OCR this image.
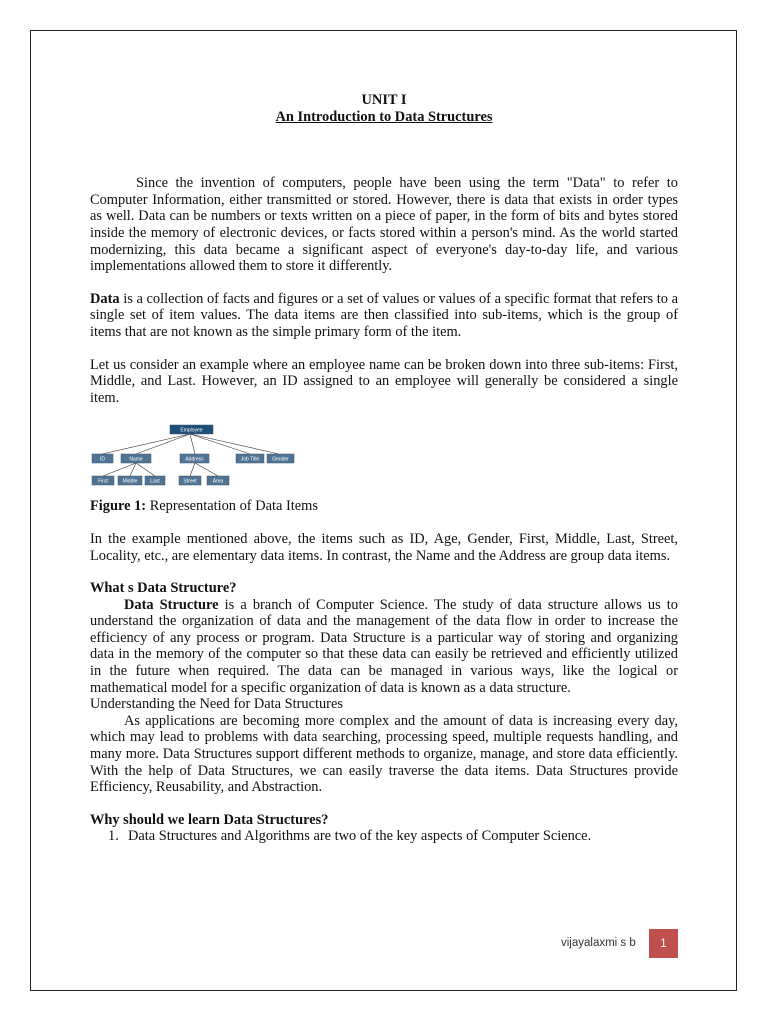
UNIT I
An Introduction to Data Structures

Since the invention of computers, people have been using the term "Data" to refer to Computer Information, either transmitted or stored. However, there is data that exists in order types as well. Data can be numbers or texts written on a piece of paper, in the form of bits and bytes stored inside the memory of electronic devices, or facts stored within a person's mind. As the world started modernizing, this data became a significant aspect of everyone's day-to-day life, and various implementations allowed them to store it differently.

Data is a collection of facts and figures or a set of values or values of a specific format that refers to a single set of item values. The data items are then classified into sub-items, which is the group of items that are not known as the simple primary form of the item.

Let us consider an example where an employee name can be broken down into three sub-items: First, Middle, and Last. However, an ID assigned to an employee will generally be considered a single item.

Employee
ID	Name	Address	Job Title	Gender
First	Middle	Last	Street	Area
Figure 1: Representation of Data Items

In the example mentioned above, the items such as ID, Age, Gender, First, Middle, Last, Street, Locality, etc., are elementary data items. In contrast, the Name and the Address are group data items.

What s Data Structure?

Data Structure is a branch of Computer Science. The study of data structure allows us to understand the organization of data and the management of the data flow in order to increase the efficiency of any process or program. Data Structure is a particular way of storing and organizing data in the memory of the computer so that these data can easily be retrieved and efficiently utilized in the future when required. The data can be managed in various ways, like the logical or mathematical model for a specific organization of data is known as a data structure.

Understanding the Need for Data Structures

As applications are becoming more complex and the amount of data is increasing every day, which may lead to problems with data searching, processing speed, multiple requests handling, and many more. Data Structures support different methods to organize, manage, and store data efficiently. With the help of Data Structures, we can easily traverse the data items. Data Structures provide Efficiency, Reusability, and Abstraction.

Why should we learn Data Structures?
1. Data Structures and Algorithms are two of the key aspects of Computer Science.
vijayalaxmi s b	1
